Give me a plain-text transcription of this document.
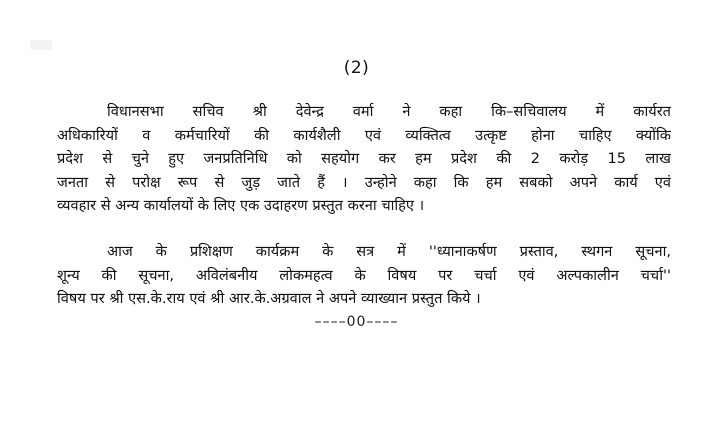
(2)

विधानसभा सचिव श्री देवेन्द्र वर्मा ने कहा कि–सचिवालय में कार्यरत
अधिकारियों व कर्मचारियों की कार्यशैली एवं व्यक्तित्व उत्कृष्ट होना चाहिए क्योंकि
प्रदेश से चुने हुए जनप्रतिनिधि को सहयोग कर हम प्रदेश की 2 करोड़ 15 लाख
जनता से परोक्ष रूप से जुड़ जाते हैं । उन्होने कहा कि हम सबको अपने कार्य एवं
व्यवहार से अन्य कार्यालयों के लिए एक उदाहरण प्रस्तुत करना चाहिए ।

आज के प्रशिक्षण कार्यक्रम के सत्र में ''ध्यानाकर्षण प्रस्ताव, स्थगन सूचना,
शून्य की सूचना, अविलंबनीय लोकमहत्व के विषय पर चर्चा एवं अल्पकालीन चर्चा''
विषय पर श्री एस.के.राय एवं श्री आर.के.अग्रवाल ने अपने व्याख्यान प्रस्तुत किये ।

––––00––––
